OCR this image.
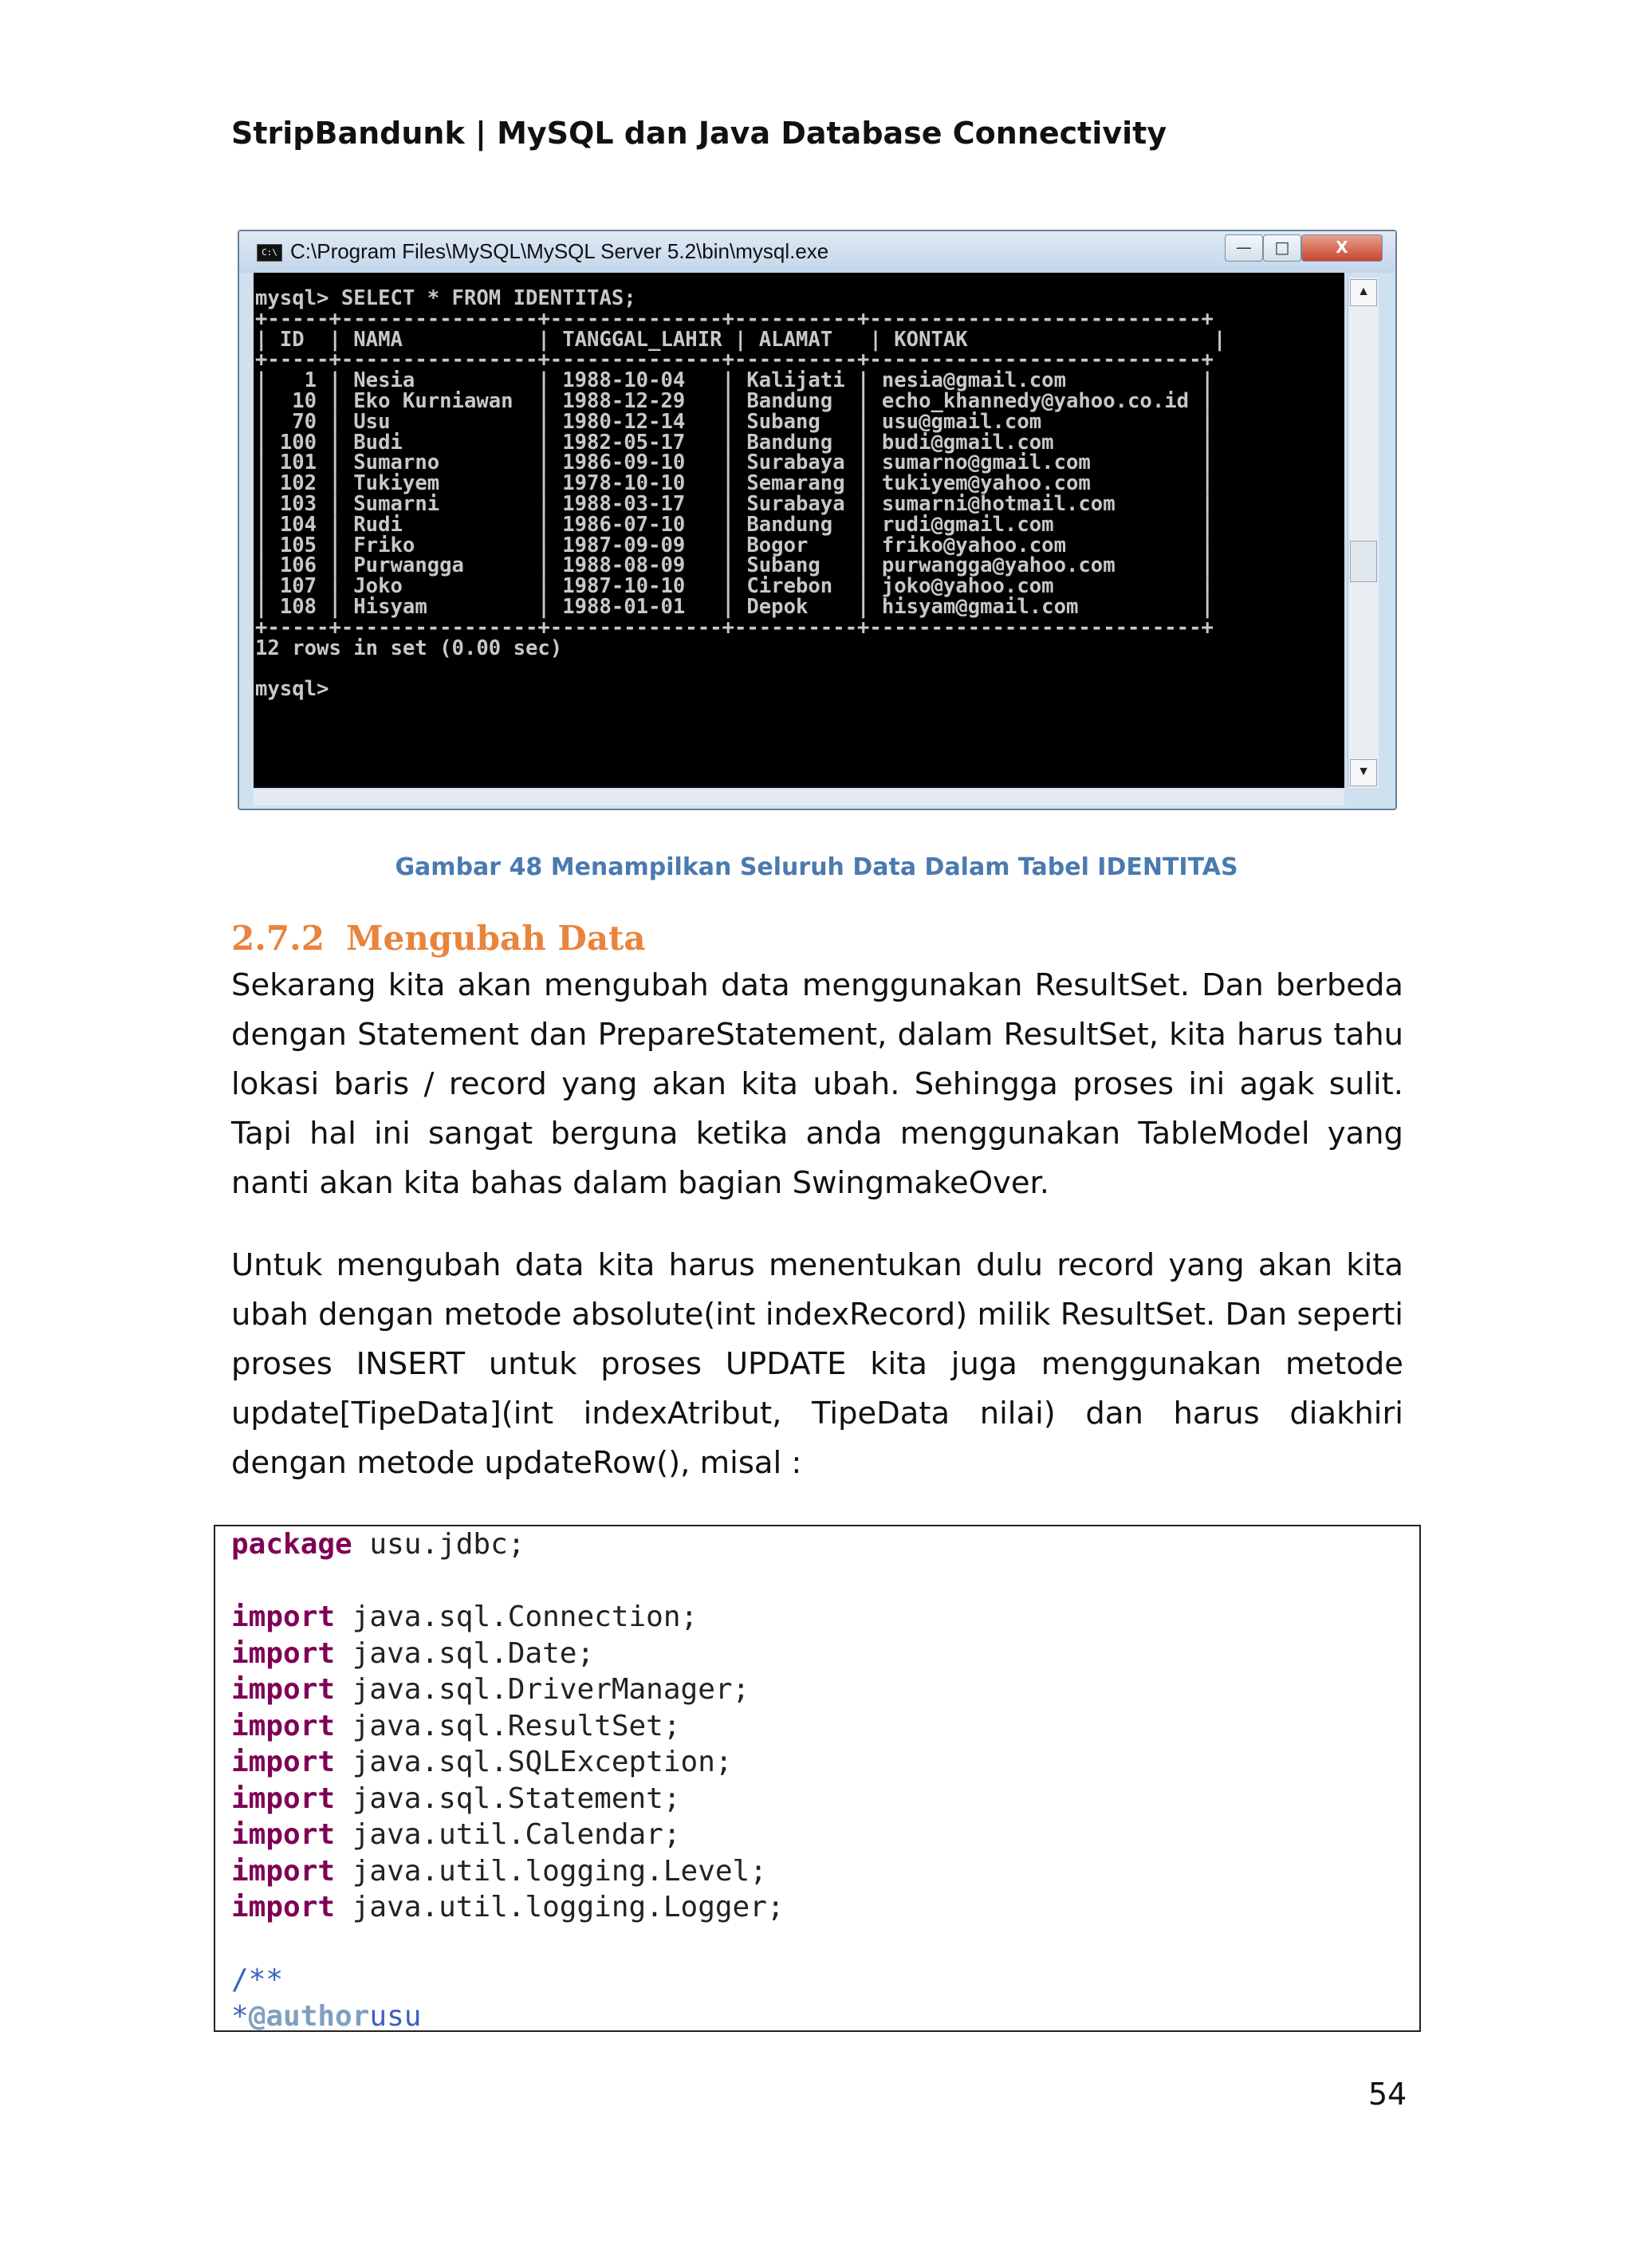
StripBandunk | MySQL dan Java Database Connectivity
C:\ C:\Program Files\MySQL\MySQL Server 5.2\bin\mysql.exe	—	□	X
mysql> SELECT * FROM IDENTITAS;
+-----+----------------+--------------+----------+---------------------------+
| ID  | NAMA           | TANGGAL_LAHIR | ALAMAT   | KONTAK                    |
+-----+----------------+--------------+----------+---------------------------+
|   1 | Nesia          | 1988-10-04   | Kalijati | nesia@gmail.com           |
|  10 | Eko Kurniawan  | 1988-12-29   | Bandung  | echo_khannedy@yahoo.co.id |
|  70 | Usu            | 1980-12-14   | Subang   | usu@gmail.com             |
| 100 | Budi           | 1982-05-17   | Bandung  | budi@gmail.com            |
| 101 | Sumarno        | 1986-09-10   | Surabaya | sumarno@gmail.com         |
| 102 | Tukiyem        | 1978-10-10   | Semarang | tukiyem@yahoo.com         |
| 103 | Sumarni        | 1988-03-17   | Surabaya | sumarni@hotmail.com       |
| 104 | Rudi           | 1986-07-10   | Bandung  | rudi@gmail.com            |
| 105 | Friko          | 1987-09-09   | Bogor    | friko@yahoo.com           |
| 106 | Purwangga      | 1988-08-09   | Subang   | purwangga@yahoo.com       |
| 107 | Joko           | 1987-10-10   | Cirebon  | joko@yahoo.com            |
| 108 | Hisyam         | 1988-01-01   | Depok    | hisyam@gmail.com          |
+-----+----------------+--------------+----------+---------------------------+
12 rows in set (0.00 sec)

mysql>
▲
▼
Gambar 48 Menampilkan Seluruh Data Dalam Tabel IDENTITAS
2.7.2 Mengubah Data

Sekarang kita akan mengubah data menggunakan ResultSet. Dan berbeda dengan Statement dan PrepareStatement, dalam ResultSet, kita harus tahu lokasi baris / record yang akan kita ubah. Sehingga proses ini agak sulit. Tapi hal ini sangat berguna ketika anda menggunakan TableModel yang nanti akan kita bahas dalam bagian SwingmakeOver.

Untuk mengubah data kita harus menentukan dulu record yang akan kita ubah dengan metode absolute(int indexRecord) milik ResultSet. Dan seperti proses INSERT untuk proses UPDATE kita juga menggunakan metode update[TipeData](int indexAtribut, TipeData nilai) dan harus diakhiri dengan metode updateRow(), misal :

package usu.jdbc;

import java.sql.Connection;
import java.sql.Date;
import java.sql.DriverManager;
import java.sql.ResultSet;
import java.sql.SQLException;
import java.sql.Statement;
import java.util.Calendar;
import java.util.logging.Level;
import java.util.logging.Logger;

/**
*@authorusu
54
